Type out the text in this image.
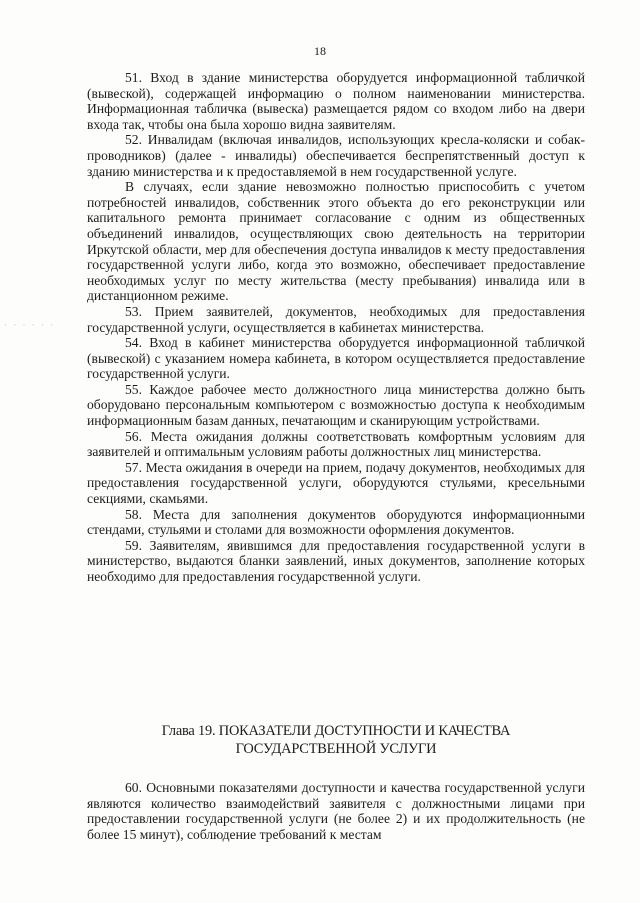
· · · · · ·
18

51. Вход в здание министерства оборудуется информационной табличкой (вывеской), содержащей информацию о полном наименовании министерства. Информационная табличка (вывеска) размещается рядом со входом либо на двери входа так, чтобы она была хорошо видна заявителям.

52. Инвалидам (включая инвалидов, использующих кресла-коляски и собак-проводников) (далее - инвалиды) обеспечивается беспрепятственный доступ к зданию министерства и к предоставляемой в нем государственной услуге.

В случаях, если здание невозможно полностью приспособить с учетом потребностей инвалидов, собственник этого объекта до его реконструкции или капитального ремонта принимает согласование с одним из общественных объединений инвалидов, осуществляющих свою деятельность на территории Иркутской области, мер для обеспечения доступа инвалидов к месту предоставления государственной услуги либо, когда это возможно, обеспечивает предоставление необходимых услуг по месту жительства (месту пребывания) инвалида или в дистанционном режиме.

53. Прием заявителей, документов, необходимых для предоставления государственной услуги, осуществляется в кабинетах министерства.

54. Вход в кабинет министерства оборудуется информационной табличкой (вывеской) с указанием номера кабинета, в котором осуществляется предоставление государственной услуги.

55. Каждое рабочее место должностного лица министерства должно быть оборудовано персональным компьютером с возможностью доступа к необходимым информационным базам данных, печатающим и сканирующим устройствами.

56. Места ожидания должны соответствовать комфортным условиям для заявителей и оптимальным условиям работы должностных лиц министерства.

57. Места ожидания в очереди на прием, подачу документов, необходимых для предоставления государственной услуги, оборудуются стульями, кресельными секциями, скамьями.

58. Места для заполнения документов оборудуются информационными стендами, стульями и столами для возможности оформления документов.

59. Заявителям, явившимся для предоставления государственной услуги в министерство, выдаются бланки заявлений, иных документов, заполнение которых необходимо для предоставления государственной услуги.

Глава 19. ПОКАЗАТЕЛИ ДОСТУПНОСТИ И КАЧЕСТВА
ГОСУДАРСТВЕННОЙ УСЛУГИ

60. Основными показателями доступности и качества государственной услуги являются количество взаимодействий заявителя с должностными лицами при предоставлении государственной услуги (не более 2) и их продолжительность (не более 15 минут), соблюдение требований к местам
